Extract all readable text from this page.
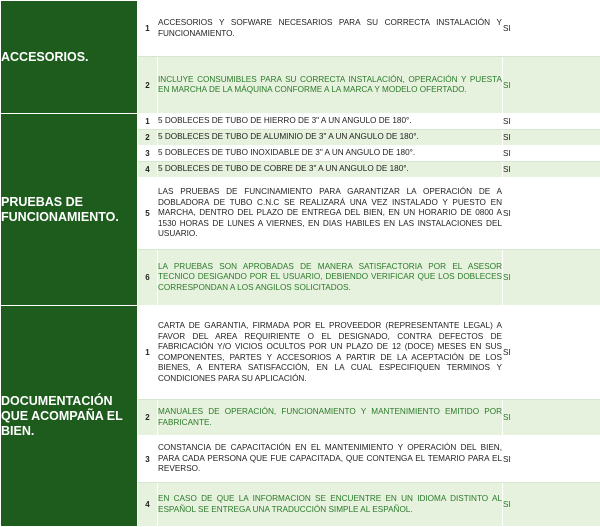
ACCESORIOS.	1	ACCESORIOS Y SOFWARE NECESARIOS PARA SU CORRECTA INSTALACIÓN Y FUNCIONAMIENTO.	SI
	2	INCLUYE CONSUMIBLES PARA SU CORRECTA INSTALACIÓN, OPERACIÓN Y PUESTA EN MARCHA DE LA MÁQUINA CONFORME A LA MARCA Y MODELO OFERTADO.	SI
PRUEBAS DE FUNCIONAMIENTO.	1	5 DOBLECES DE TUBO DE HIERRO DE 3" A UN ANGULO DE 180°.	SI
	2	5 DOBLECES DE TUBO DE ALUMINIO DE 3" A UN ANGULO DE 180°.	SI
	3	5 DOBLECES DE TUBO INOXIDABLE DE 3" A UN ANGULO DE 180°.	SI
	4	5 DOBLECES DE TUBO DE COBRE DE 3" A UN ANGULO DE 180°.	SI
	5	LAS PRUEBAS DE FUNCINAMIENTO PARA GARANTIZAR LA OPERACIÓN DE A DOBLADORA DE TUBO C.N.C SE REALIZARÁ UNA VEZ INSTALADO Y PUESTO EN MARCHA, DENTRO DEL PLAZO DE ENTREGA DEL BIEN, EN UN HORARIO DE 0800 A 1530 HORAS DE LUNES A VIERNES, EN DIAS HABILES EN LAS INSTALACIONES DEL USUARIO.	SI
	6	LA PRUEBAS SON APROBADAS DE MANERA SATISFACTORIA POR EL ASESOR TECNICO DESIGANDO POR EL USUARIO, DEBIENDO VERIFICAR QUE LOS DOBLECES CORRESPONDAN A LOS ANGILOS SOLICITADOS.	SI
DOCUMENTACIÓN QUE ACOMPAÑA EL BIEN.	1	CARTA DE GARANTIA, FIRMADA POR EL PROVEEDOR (REPRESENTANTE LEGAL) A FAVOR DEL AREA REQUIRIENTE O EL DESIGNADO, CONTRA DEFECTOS DE FABRICACIÓN Y/O VICIOS OCULTOS POR UN PLAZO DE 12 (DOCE) MESES EN SUS COMPONENTES, PARTES Y ACCESORIOS A PARTIR DE LA ACEPTACIÓN DE LOS BIENES, A ENTERA SATISFACCIÓN, EN LA CUAL ESPECIFIQUEN TERMINOS Y CONDICIONES PARA SU APLICACIÓN.	SI
	2	MANUALES DE OPERACIÓN, FUNCIONAMIENTO Y MANTENIMIENTO EMITIDO POR FABRICANTE.	SI
	3	CONSTANCIA DE CAPACITACIÓN EN EL MANTENIMIENTO Y OPERACIÓN DEL BIEN, PARA CADA PERSONA QUE FUE CAPACITADA, QUE CONTENGA EL TEMARIO PARA EL REVERSO.	SI
	4	EN CASO DE QUE LA INFORMACION SE ENCUENTRE EN UN IDIOMA DISTINTO AL ESPAÑOL SE ENTREGA UNA TRADUCCIÓN SIMPLE AL ESPAÑOL.	SI
